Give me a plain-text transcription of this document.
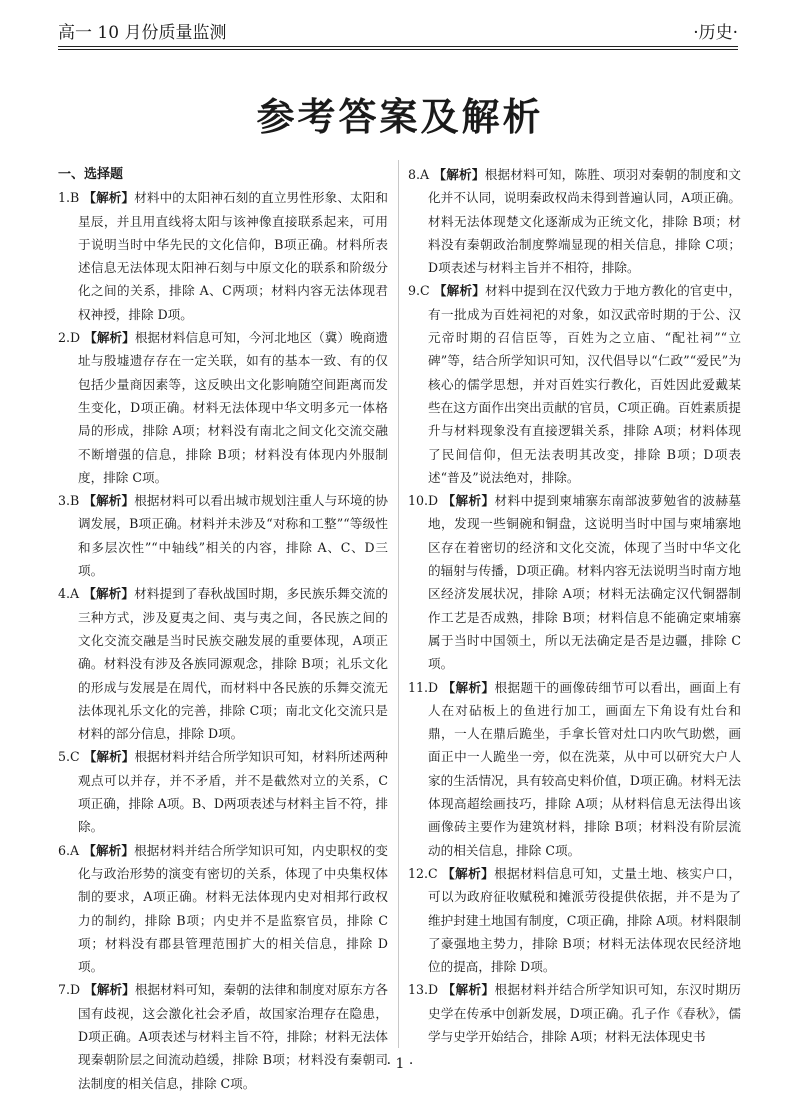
高一 10 月份质量监测	·历史·
参考答案及解析
一、选择题

1.B 【解析】材料中的太阳神石刻的直立男性形象、太阳和星辰，并且用直线将太阳与该神像直接联系起来，可用于说明当时中华先民的文化信仰，B项正确。材料所表述信息无法体现太阳神石刻与中原文化的联系和阶级分化之间的关系，排除 A、C两项；材料内容无法体现君权神授，排除 D项。

2.D 【解析】根据材料信息可知，今河北地区（冀）晚商遗址与殷墟遗存存在一定关联，如有的基本一致、有的仅包括少量商因素等，这反映出文化影响随空间距离而发生变化，D项正确。材料无法体现中华文明多元一体格局的形成，排除 A项；材料没有南北之间文化交流交融不断增强的信息，排除 B项；材料没有体现内外服制度，排除 C项。

3.B 【解析】根据材料可以看出城市规划注重人与环境的协调发展，B项正确。材料并未涉及“对称和工整”“等级性和多层次性”“中轴线”相关的内容，排除 A、C、D三项。

4.A 【解析】材料提到了春秋战国时期，多民族乐舞交流的三种方式，涉及夏夷之间、夷与夷之间，各民族之间的文化交流交融是当时民族交融发展的重要体现，A项正确。材料没有涉及各族同源观念，排除 B项；礼乐文化的形成与发展是在周代，而材料中各民族的乐舞交流无法体现礼乐文化的完善，排除 C项；南北文化交流只是材料的部分信息，排除 D项。

5.C 【解析】根据材料并结合所学知识可知，材料所述两种观点可以并存，并不矛盾，并不是截然对立的关系，C项正确，排除 A项。B、D两项表述与材料主旨不符，排除。

6.A 【解析】根据材料并结合所学知识可知，内史职权的变化与政治形势的演变有密切的关系，体现了中央集权体制的要求，A项正确。材料无法体现内史对相邦行政权力的制约，排除 B项；内史并不是监察官员，排除 C项；材料没有郡县管理范围扩大的相关信息，排除 D项。

7.D 【解析】根据材料可知，秦朝的法律和制度对原东方各国有歧视，这会激化社会矛盾，故国家治理存在隐患，D项正确。A项表述与材料主旨不符，排除；材料无法体现秦朝阶层之间流动趋缓，排除 B项；材料没有秦朝司法制度的相关信息，排除 C项。

8.A 【解析】根据材料可知，陈胜、项羽对秦朝的制度和文化并不认同，说明秦政权尚未得到普遍认同，A项正确。材料无法体现楚文化逐渐成为正统文化，排除 B项；材料没有秦朝政治制度弊端显现的相关信息，排除 C项；D项表述与材料主旨并不相符，排除。

9.C 【解析】材料中提到在汉代致力于地方教化的官吏中，有一批成为百姓祠祀的对象，如汉武帝时期的于公、汉元帝时期的召信臣等，百姓为之立庙、“配社祠”“立碑”等，结合所学知识可知，汉代倡导以“仁政”“爱民”为核心的儒学思想，并对百姓实行教化，百姓因此爱戴某些在这方面作出突出贡献的官员，C项正确。百姓素质提升与材料现象没有直接逻辑关系，排除 A项；材料体现了民间信仰，但无法表明其改变，排除 B项；D项表述“普及”说法绝对，排除。

10.D 【解析】材料中提到柬埔寨东南部波萝勉省的波赫墓地，发现一些铜碗和铜盘，这说明当时中国与柬埔寨地区存在着密切的经济和文化交流，体现了当时中华文化的辐射与传播，D项正确。材料内容无法说明当时南方地区经济发展状况，排除 A项；材料无法确定汉代铜器制作工艺是否成熟，排除 B项；材料信息不能确定柬埔寨属于当时中国领土，所以无法确定是否是边疆，排除 C项。

11.D 【解析】根据题干的画像砖细节可以看出，画面上有人在对砧板上的鱼进行加工，画面左下角设有灶台和鼎，一人在鼎后跪坐，手拿长管对灶口内吹气助燃，画面正中一人跪坐一旁，似在洗菜，从中可以研究大户人家的生活情况，具有较高史料价值，D项正确。材料无法体现高超绘画技巧，排除 A项；从材料信息无法得出该画像砖主要作为建筑材料，排除 B项；材料没有阶层流动的相关信息，排除 C项。

12.C 【解析】根据材料信息可知，丈量土地、核实户口，可以为政府征收赋税和摊派劳役提供依据，并不是为了维护封建土地国有制度，C项正确，排除 A项。材料限制了豪强地主势力，排除 B项；材料无法体现农民经济地位的提高，排除 D项。

13.D 【解析】根据材料并结合所学知识可知，东汉时期历史学在传承中创新发展，D项正确。孔子作《春秋》，儒学与史学开始结合，排除 A项；材料无法体现史书

· 1 ·
